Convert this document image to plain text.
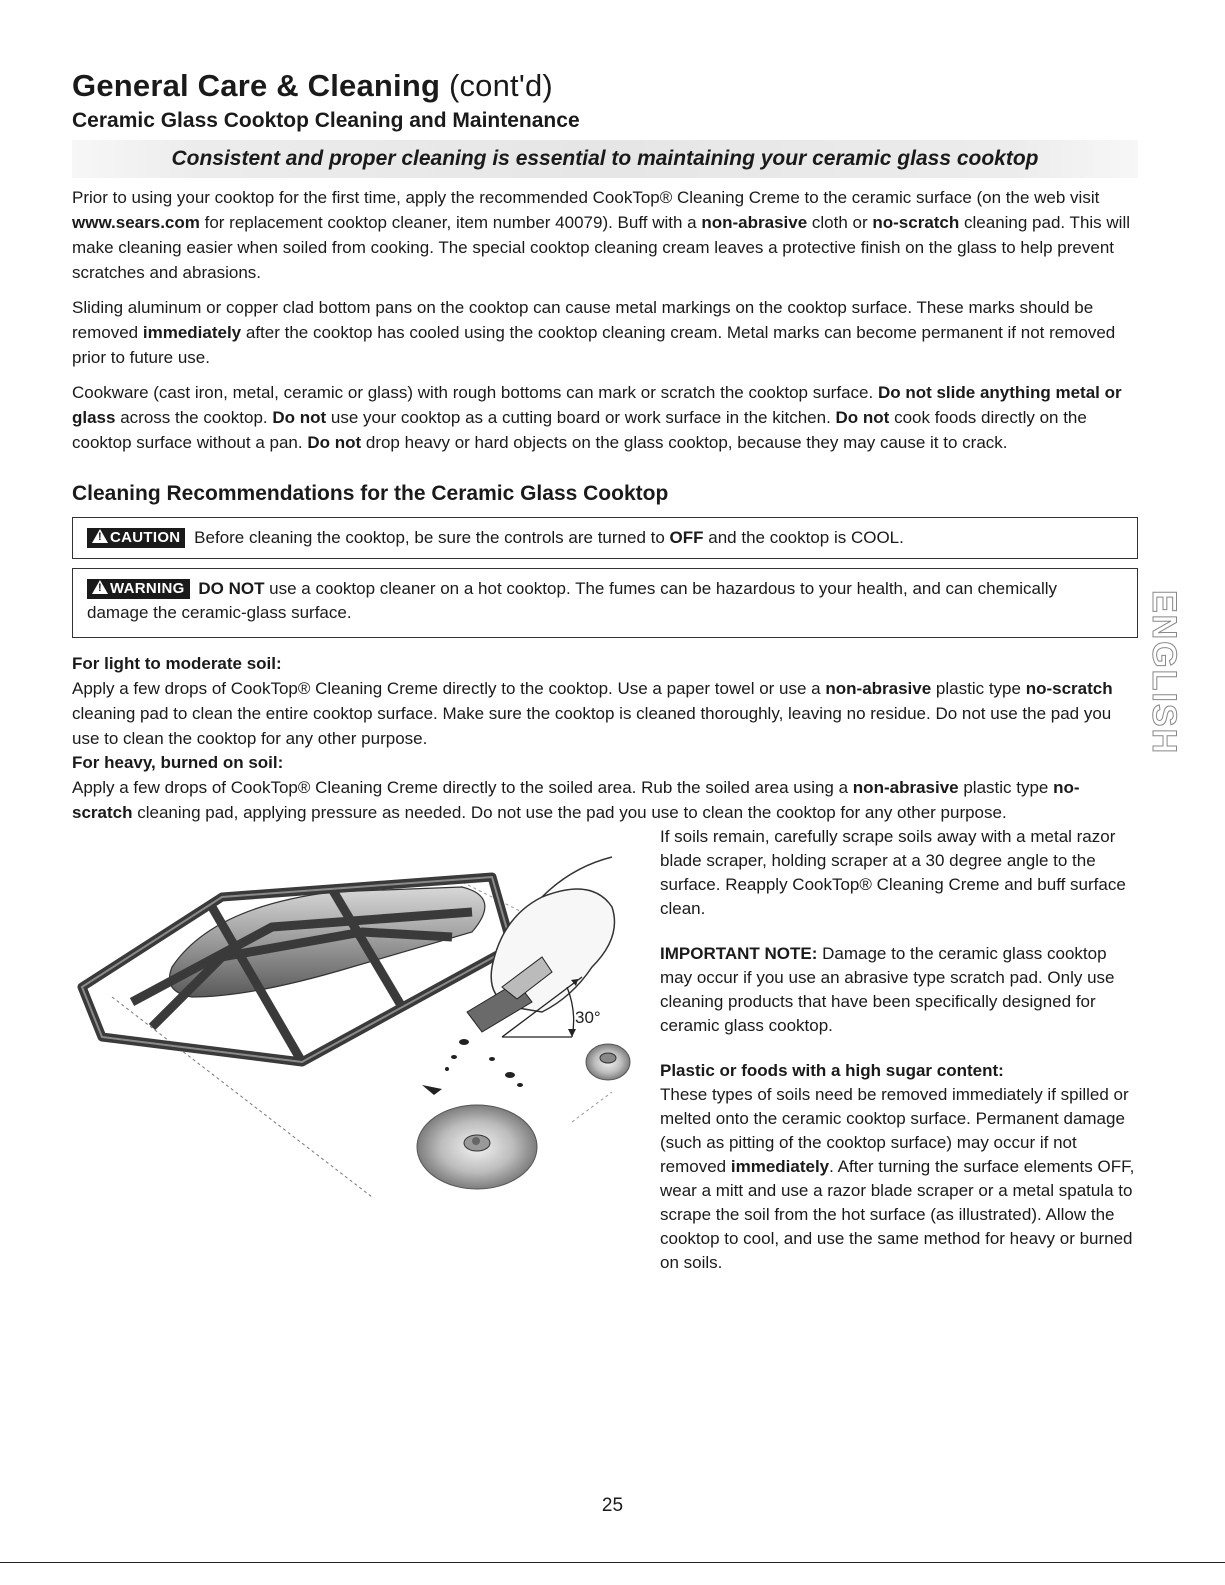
General Care & Cleaning (cont'd)
Ceramic Glass Cooktop Cleaning and Maintenance
Consistent and proper cleaning is essential to maintaining your ceramic glass cooktop

Prior to using your cooktop for the first time, apply the recommended CookTop® Cleaning Creme to the ceramic surface (on the web visit www.sears.com for replacement cooktop cleaner, item number 40079). Buff with a non-abrasive cloth or no-scratch cleaning pad. This will make cleaning easier when soiled from cooking. The special cooktop cleaning cream leaves a protective finish on the glass to help prevent scratches and abrasions.

Sliding aluminum or copper clad bottom pans on the cooktop can cause metal markings on the cooktop surface. These marks should be removed immediately after the cooktop has cooled using the cooktop cleaning cream. Metal marks can become permanent if not removed prior to future use.

Cookware (cast iron, metal, ceramic or glass) with rough bottoms can mark or scratch the cooktop surface. Do not slide anything metal or glass across the cooktop. Do not use your cooktop as a cutting board or work surface in the kitchen. Do not cook foods directly on the cooktop surface without a pan. Do not drop heavy or hard objects on the glass cooktop, because they may cause it to crack.

Cleaning Recommendations for the Ceramic Glass Cooktop
! CAUTION Before cleaning the cooktop, be sure the controls are turned to OFF and the cooktop is COOL.
! WARNING DO NOT use a cooktop cleaner on a hot cooktop. The fumes can be hazardous to your health, and can chemically damage the ceramic-glass surface.
For light to moderate soil:

Apply a few drops of CookTop® Cleaning Creme directly to the cooktop. Use a paper towel or use a non-abrasive plastic type no-scratch cleaning pad to clean the entire cooktop surface. Make sure the cooktop is cleaned thoroughly, leaving no residue. Do not use the pad you use to clean the cooktop for any other purpose.

For heavy, burned on soil:

Apply a few drops of CookTop® Cleaning Creme directly to the soiled area. Rub the soiled area using a non-abrasive plastic type no-scratch cleaning pad, applying pressure as needed. Do not use the pad you use to clean the cooktop for any other purpose.

30°

If soils remain, carefully scrape soils away with a metal razor blade scraper, holding scraper at a 30 degree angle to the surface. Reapply CookTop® Cleaning Creme and buff surface clean.

IMPORTANT NOTE: Damage to the ceramic glass cooktop may occur if you use an abrasive type scratch pad. Only use cleaning products that have been specifically designed for ceramic glass cooktop.

Plastic or foods with a high sugar content:

These types of soils need be removed immediately if spilled or melted onto the ceramic cooktop surface. Permanent damage (such as pitting of the cooktop surface) may occur if not removed immediately. After turning the surface elements OFF, wear a mitt and use a razor blade scraper or a metal spatula to scrape the soil from the hot surface (as illustrated). Allow the cooktop to cool, and use the same method for heavy or burned on soils.

ENGLISH
25
